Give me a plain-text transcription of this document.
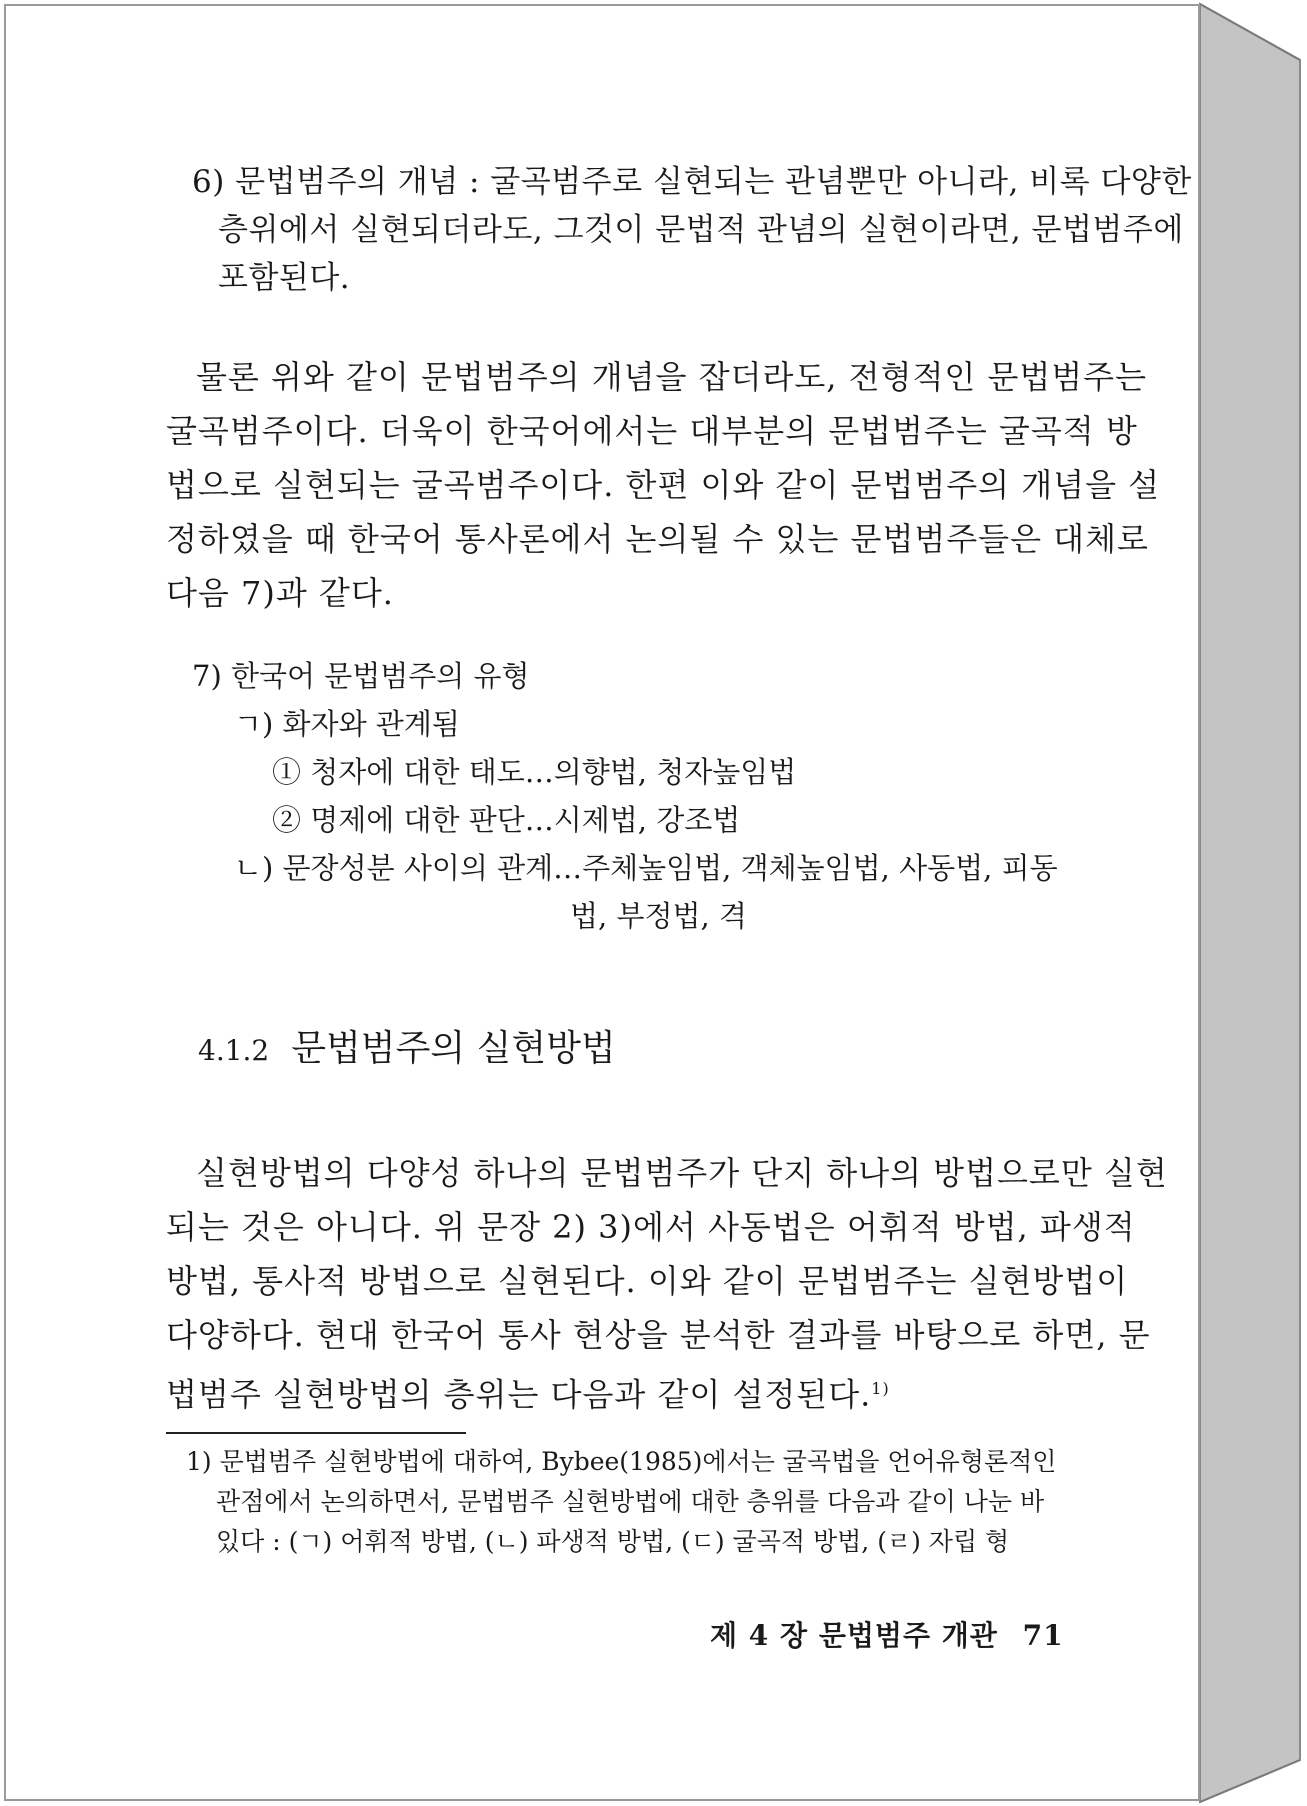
6) 문법범주의 개념 : 굴곡범주로 실현되는 관념뿐만 아니라, 비록 다양한
층위에서 실현되더라도, 그것이 문법적 관념의 실현이라면, 문법범주에
포함된다.
물론 위와 같이 문법범주의 개념을 잡더라도, 전형적인 문법범주는
굴곡범주이다. 더욱이 한국어에서는 대부분의 문법범주는 굴곡적 방
법으로 실현되는 굴곡범주이다. 한편 이와 같이 문법범주의 개념을 설
정하였을 때 한국어 통사론에서 논의될 수 있는 문법범주들은 대체로
다음 7)과 같다.
7) 한국어 문법범주의 유형
ㄱ) 화자와 관계됨
① 청자에 대한 태도…의향법, 청자높임법
② 명제에 대한 판단…시제법, 강조법
ㄴ) 문장성분 사이의 관계…주체높임법, 객체높임법, 사동법, 피동
법, 부정법, 격
4.1.2 문법범주의 실현방법
실현방법의 다양성 하나의 문법범주가 단지 하나의 방법으로만 실현
되는 것은 아니다. 위 문장 2) 3)에서 사동법은 어휘적 방법, 파생적
방법, 통사적 방법으로 실현된다. 이와 같이 문법범주는 실현방법이
다양하다. 현대 한국어 통사 현상을 분석한 결과를 바탕으로 하면, 문
법범주 실현방법의 층위는 다음과 같이 설정된다.$^{1)}$
1) 문법범주 실현방법에 대하여, Bybee(1985)에서는 굴곡법을 언어유형론적인
관점에서 논의하면서, 문법범주 실현방법에 대한 층위를 다음과 같이 나눈 바
있다 : (ㄱ) 어휘적 방법, (ㄴ) 파생적 방법, (ㄷ) 굴곡적 방법, (ㄹ) 자립 형
제 4 장 문법범주 개관 71
